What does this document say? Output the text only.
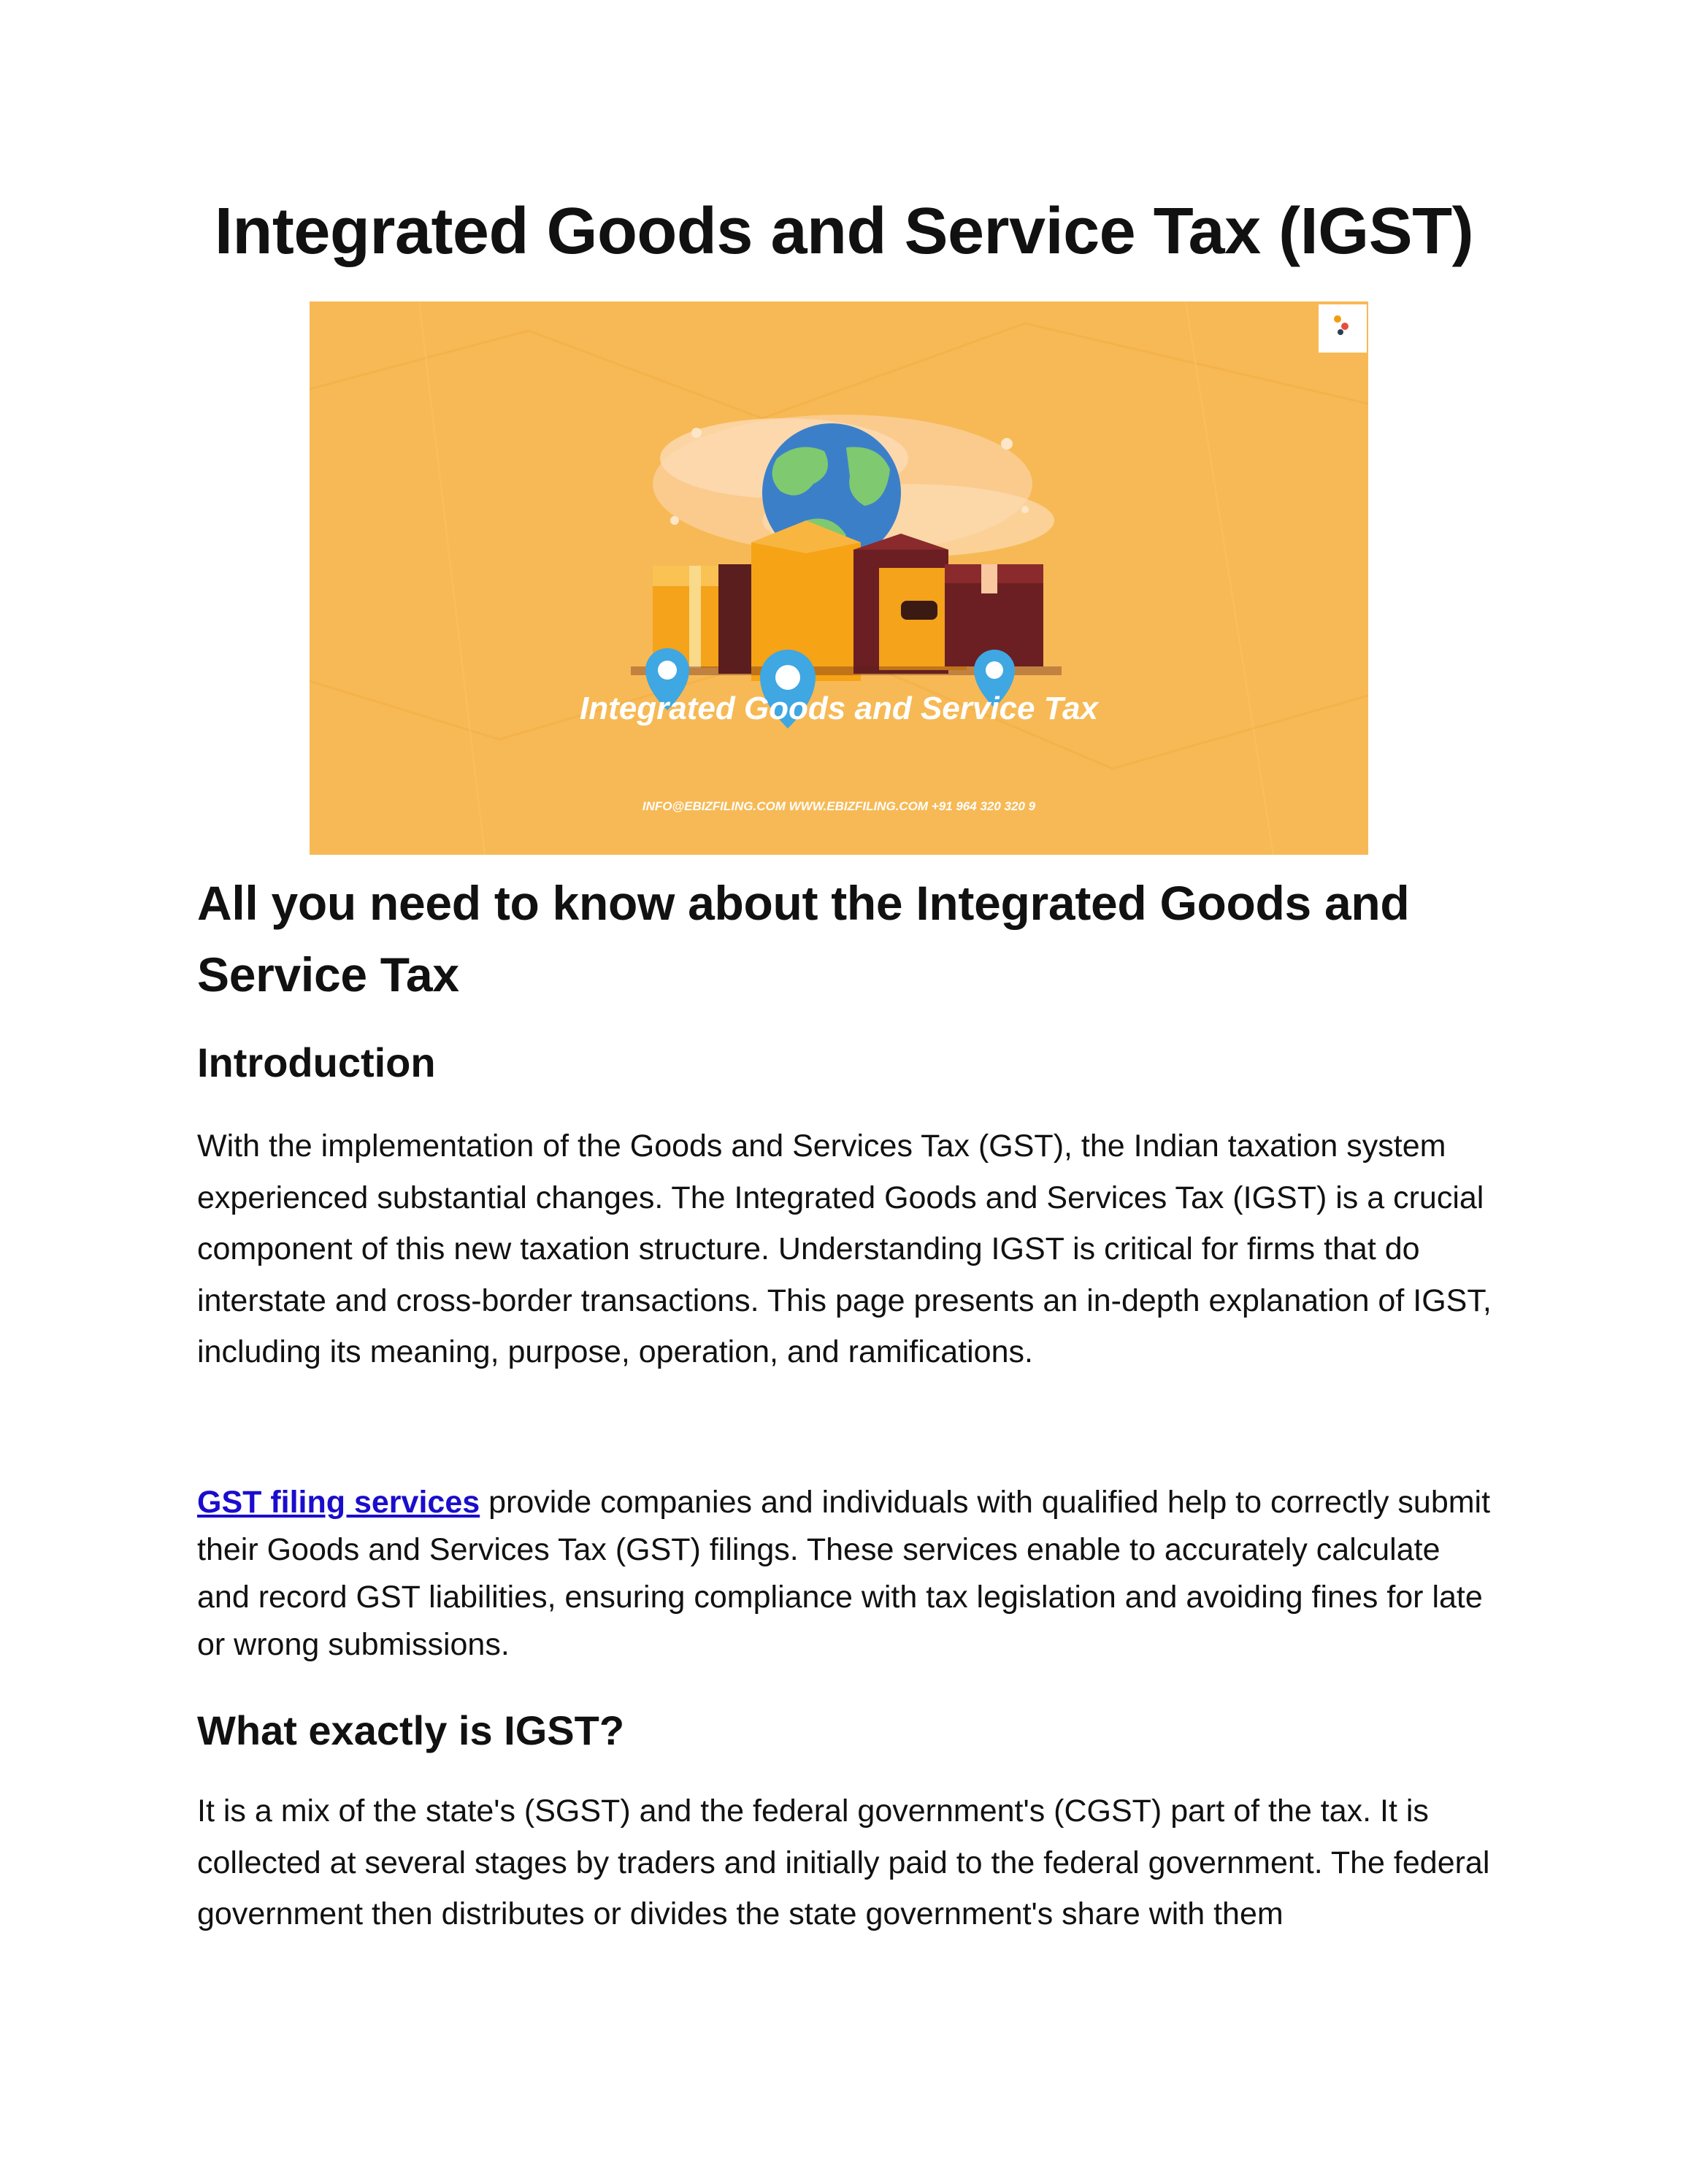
Integrated Goods and Service Tax (IGST)
Integrated Goods and Service Tax
INFO@EBIZFILING.COM WWW.EBIZFILING.COM +91 964 320 320 9
All you need to know about the Integrated Goods and Service Tax
Introduction

With the implementation of the Goods and Services Tax (GST), the Indian taxation system experienced substantial changes. The Integrated Goods and Services Tax (IGST) is a crucial component of this new taxation structure. Understanding IGST is critical for firms that do interstate and cross-border transactions. This page presents an in-depth explanation of IGST, including its meaning, purpose, operation, and ramifications.

GST filing services provide companies and individuals with qualified help to correctly submit their Goods and Services Tax (GST) filings. These services enable to accurately calculate and record GST liabilities, ensuring compliance with tax legislation and avoiding fines for late or wrong submissions.

What exactly is IGST?

It is a mix of the state's (SGST) and the federal government's (CGST) part of the tax. It is collected at several stages by traders and initially paid to the federal government. The federal government then distributes or divides the state government's share with them
